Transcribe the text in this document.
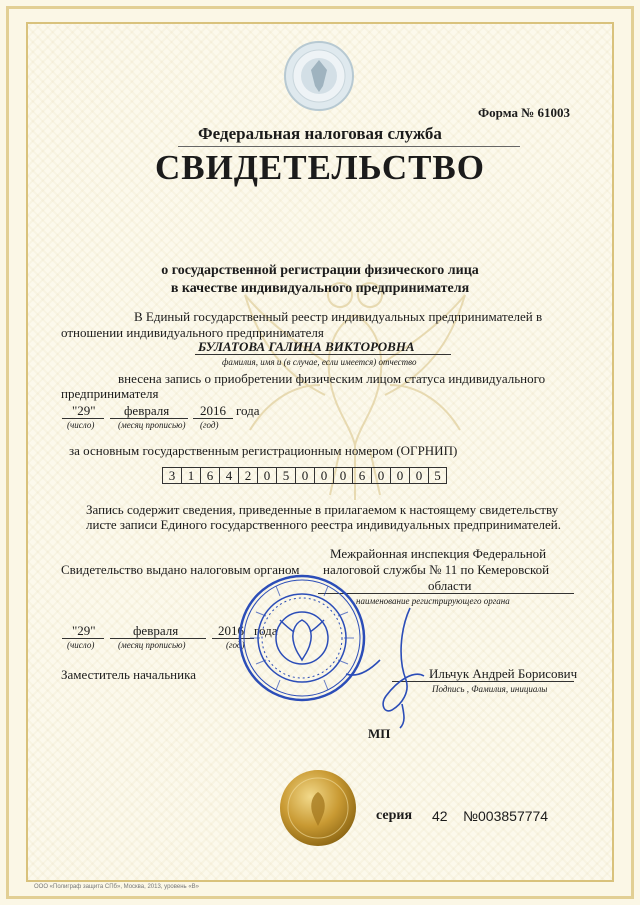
Форма № 61003
Федеральная налоговая служба
СВИДЕТЕЛЬСТВО
о государственной регистрации физического лица
в качестве индивидуального предпринимателя
В Единый государственный реестр индивидуальных предпринимателей в
отношении индивидуального предпринимателя
БУЛАТОВА ГАЛИНА ВИКТОРОВНА
фамилия, имя и (в случае, если имеется) отчество
внесена запись о приобретении физическим лицом статуса индивидуального
предпринимателя
"29" февраля 2016 года
(число)	(месяц прописью) (год)
за основным государственным регистрационным номером (ОГРНИП)
3 1 6 4 2 0 5 0 0 0 6 0 0 0 5
Запись содержит сведения, приведенные в прилагаемом к настоящему свидетельству
листе записи Единого государственного реестра индивидуальных предпринимателей.
Межрайонная инспекция Федеральной
Свидетельство выдано налоговым органом налоговой службы № 11 по Кемеровской
области
наименование регистрирующего органа
"29"	февраля	2016 года
(число)	(месяц прописью)	(год)
Заместитель начальника	Ильчук Андрей Борисович
Подпись , Фамилия, инициалы
МП
серия 42 №003857774
ООО «Полиграф защита СПб», Москва, 2013, уровень «В»
